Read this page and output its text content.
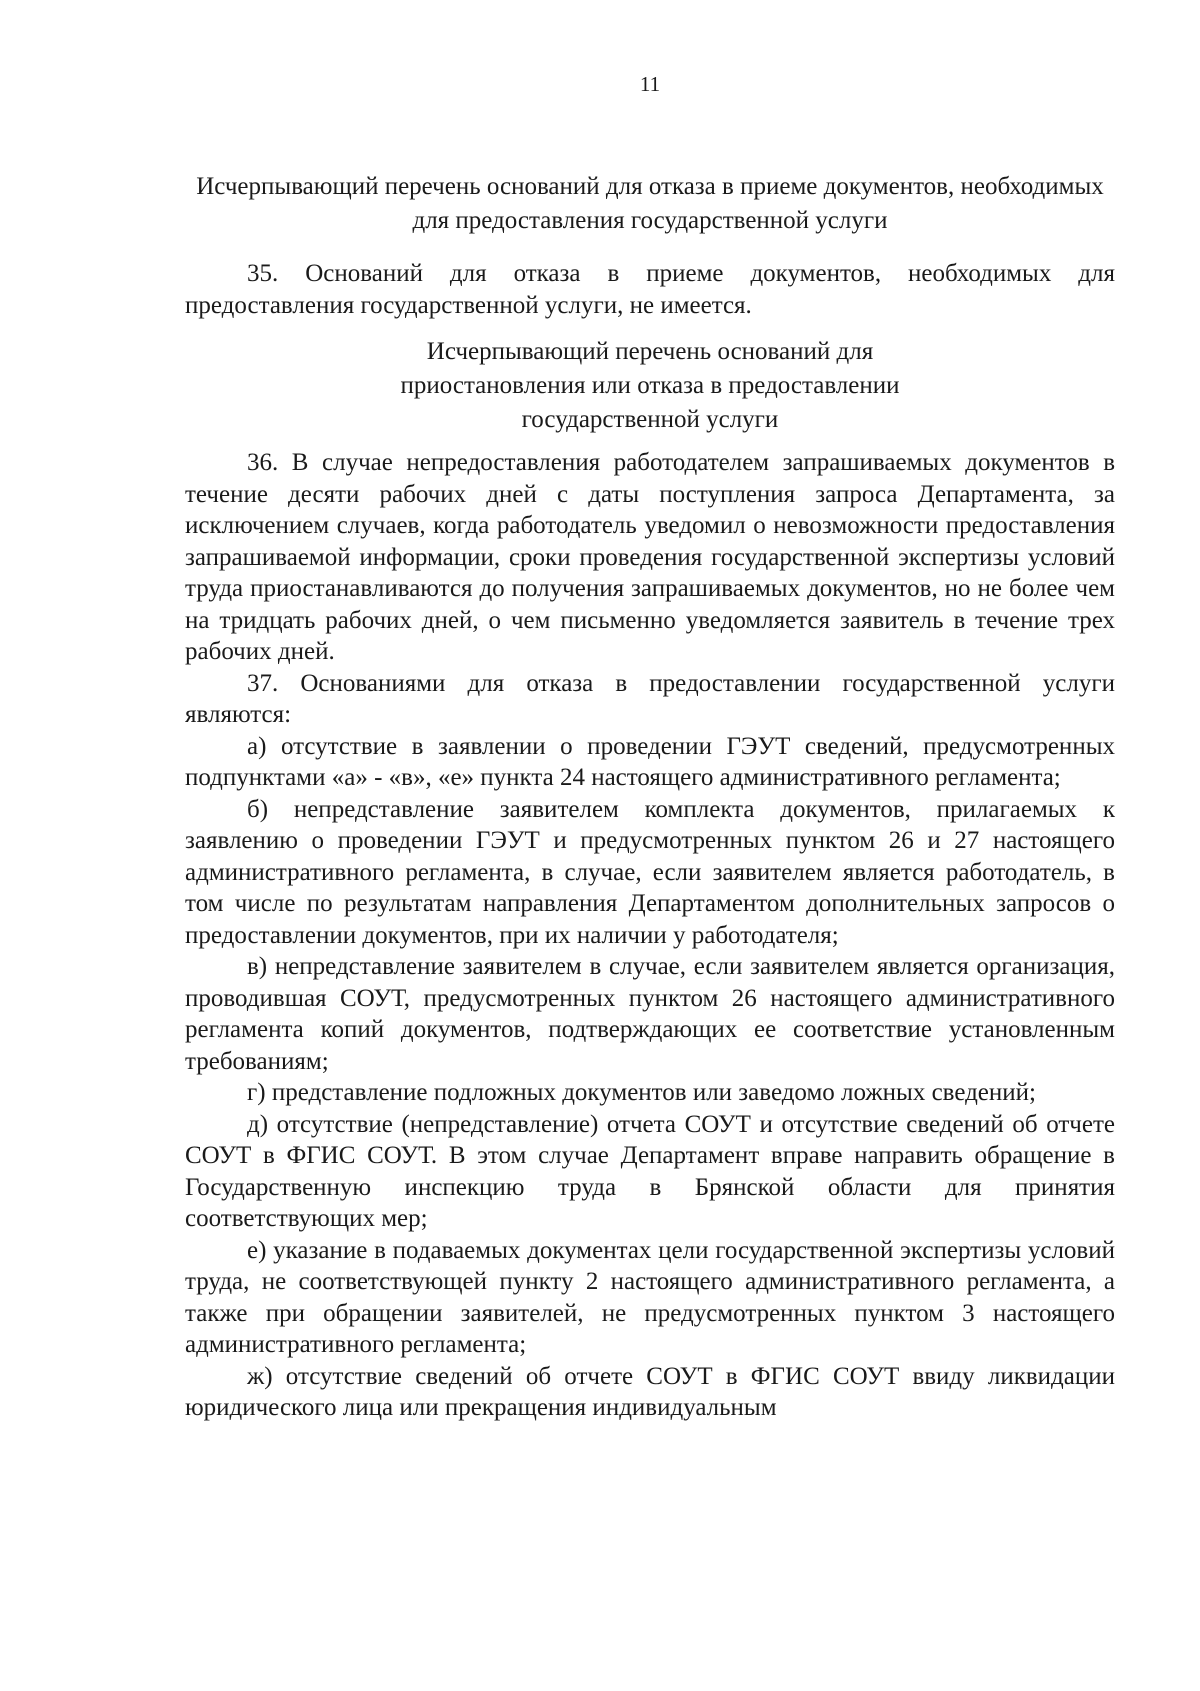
11

Исчерпывающий перечень оснований для отказа в приеме документов, необходимых для предоставления государственной услуги

35. Оснований для отказа в приеме документов, необходимых для предоставления государственной услуги, не имеется.

Исчерпывающий перечень оснований для приостановления или отказа в предоставлении государственной услуги

36. В случае непредоставления работодателем запрашиваемых документов в течение десяти рабочих дней с даты поступления запроса Департамента, за исключением случаев, когда работодатель уведомил о невозможности предоставления запрашиваемой информации, сроки проведения государственной экспертизы условий труда приостанавливаются до получения запрашиваемых документов, но не более чем на тридцать рабочих дней, о чем письменно уведомляется заявитель в течение трех рабочих дней.

37. Основаниями для отказа в предоставлении государственной услуги являются:

а) отсутствие в заявлении о проведении ГЭУТ сведений, предусмотренных подпунктами «а» - «в», «е» пункта 24 настоящего административного регламента;

б) непредставление заявителем комплекта документов, прилагаемых к заявлению о проведении ГЭУТ и предусмотренных пунктом 26 и 27 настоящего административного регламента, в случае, если заявителем является работодатель, в том числе по результатам направления Департаментом дополнительных запросов о предоставлении документов, при их наличии у работодателя;

в) непредставление заявителем в случае, если заявителем является организация, проводившая СОУТ, предусмотренных пунктом 26 настоящего административного регламента копий документов, подтверждающих ее соответствие установленным требованиям;

г) представление подложных документов или заведомо ложных сведений;

д) отсутствие (непредставление) отчета СОУТ и отсутствие сведений об отчете СОУТ в ФГИС СОУТ. В этом случае Департамент вправе направить обращение в Государственную инспекцию труда в Брянской области для принятия соответствующих мер;

е) указание в подаваемых документах цели государственной экспертизы условий труда, не соответствующей пункту 2 настоящего административного регламента, а также при обращении заявителей, не предусмотренных пунктом 3 настоящего административного регламента;

ж) отсутствие сведений об отчете СОУТ в ФГИС СОУТ ввиду ликвидации юридического лица или прекращения индивидуальным
